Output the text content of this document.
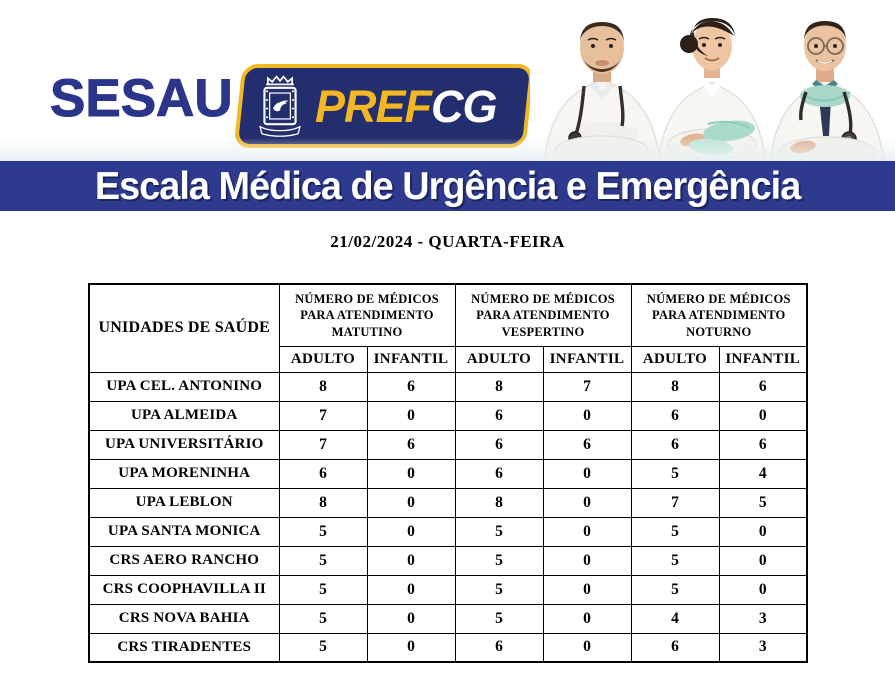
SESAU PREFCG
Escala Médica de Urgência e Emergência
21/02/2024 - QUARTA-FEIRA
UNIDADES DE SAÚDE	NÚMERO DE MÉDICOS PARA ATENDIMENTO MATUTINO		NÚMERO DE MÉDICOS PARA ATENDIMENTO VESPERTINO		NÚMERO DE MÉDICOS PARA ATENDIMENTO NOTURNO	
	ADULTO	INFANTIL	ADULTO	INFANTIL	ADULTO	INFANTIL
UPA CEL. ANTONINO	8	6	8	7	8	6
UPA ALMEIDA	7	0	6	0	6	0
UPA UNIVERSITÁRIO	7	6	6	6	6	6
UPA MORENINHA	6	0	6	0	5	4
UPA LEBLON	8	0	8	0	7	5
UPA SANTA MONICA	5	0	5	0	5	0
CRS AERO RANCHO	5	0	5	0	5	0
CRS COOPHAVILLA II	5	0	5	0	5	0
CRS NOVA BAHIA	5	0	5	0	4	3
CRS TIRADENTES	5	0	6	0	6	3
